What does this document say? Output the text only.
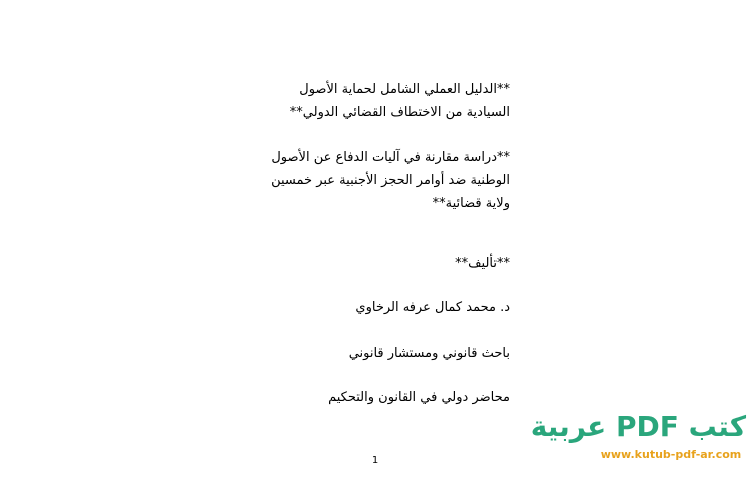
**الدليل العملي الشامل لحماية الأصول
السيادية من الاختطاف القضائي الدولي**
**دراسة مقارنة في آليات الدفاع عن الأصول
الوطنية ضد أوامر الحجز الأجنبية عبر خمسين
ولاية قضائية**
**تأليف**
د. محمد كمال عرفه الرخاوي
باحث قانوني ومستشار قانوني
محاضر دولي في القانون والتحكيم
1
كتب PDF عربية
www.kutub-pdf-ar.com
